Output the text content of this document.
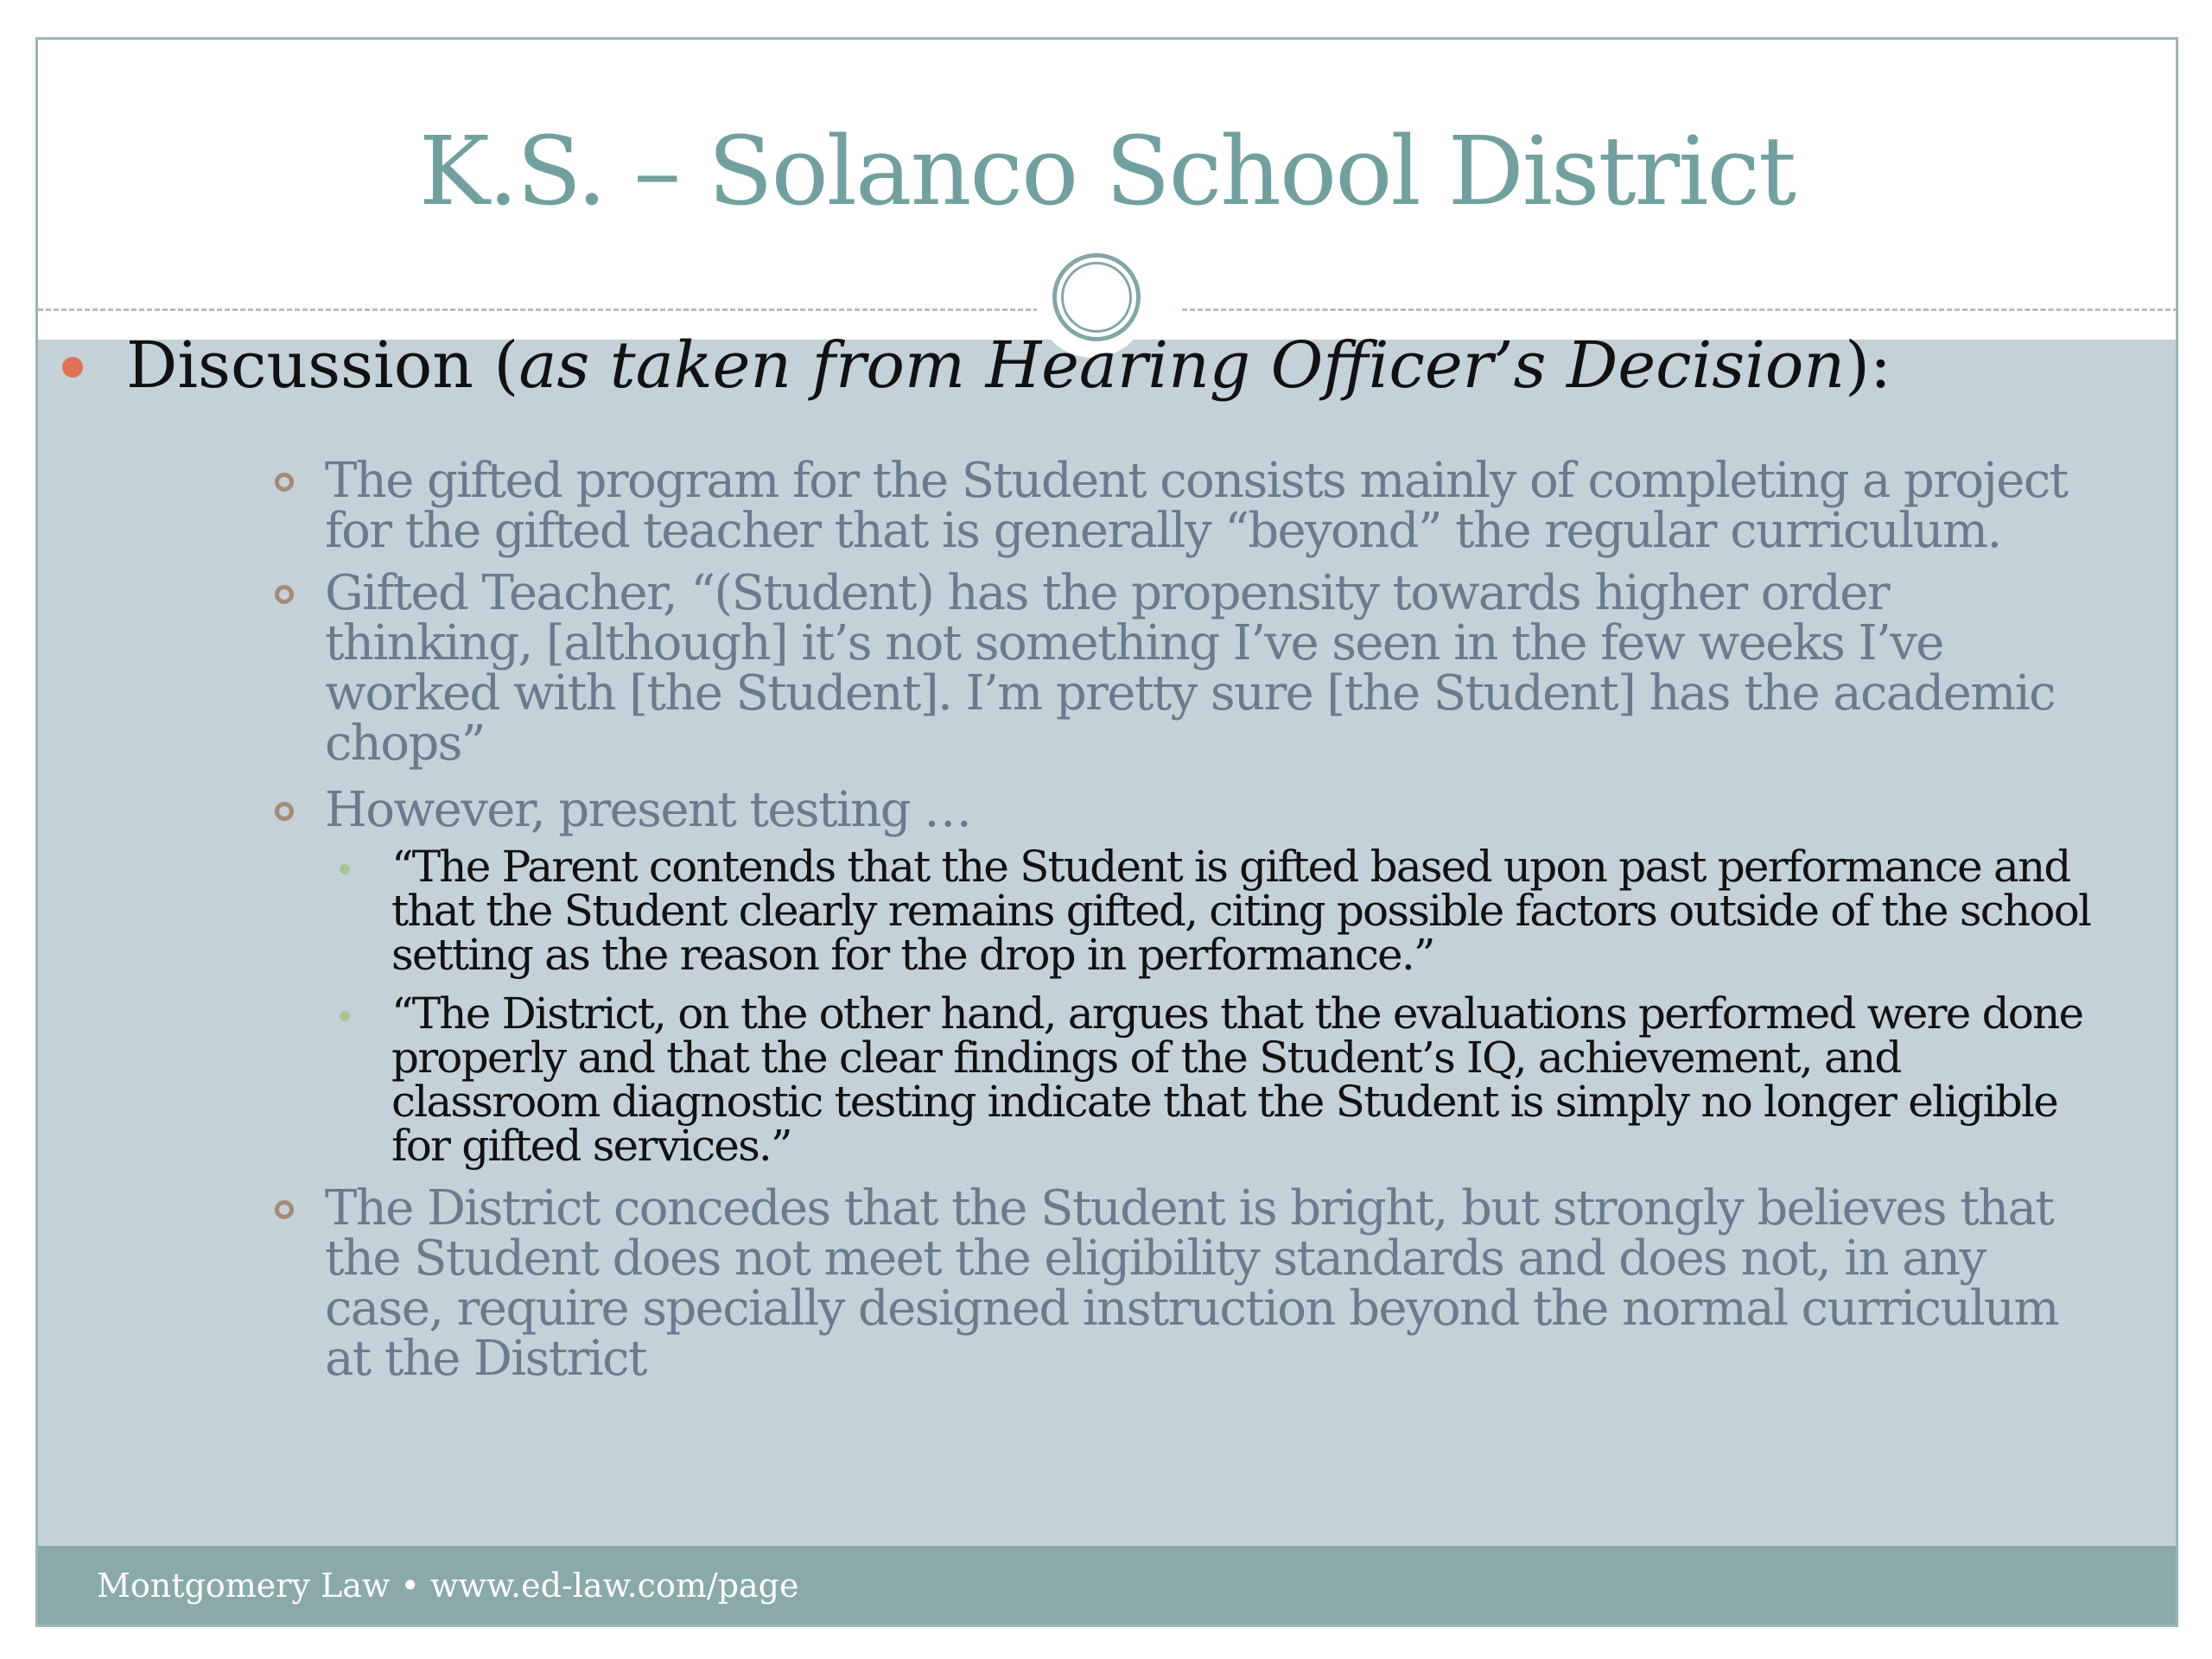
K.S. – Solanco School District
Montgomery Law • www.ed-law.com/page
Discussion (as taken from Hearing Officer’s Decision):
The gifted program for the Student consists mainly of completing a project
for the gifted teacher that is generally “beyond” the regular curriculum.
Gifted Teacher, “(Student) has the propensity towards higher order
thinking, [although] it’s not something I’ve seen in the few weeks I’ve
worked with [the Student]. I’m pretty sure [the Student] has the academic
chops”
However, present testing …
“The Parent contends that the Student is gifted based upon past performance and
that the Student clearly remains gifted, citing possible factors outside of the school
setting as the reason for the drop in performance.”
“The District, on the other hand, argues that the evaluations performed were done
properly and that the clear findings of the Student’s IQ, achievement, and
classroom diagnostic testing indicate that the Student is simply no longer eligible
for gifted services.”
The District concedes that the Student is bright, but strongly believes that
the Student does not meet the eligibility standards and does not, in any
case, require specially designed instruction beyond the normal curriculum
at the District
